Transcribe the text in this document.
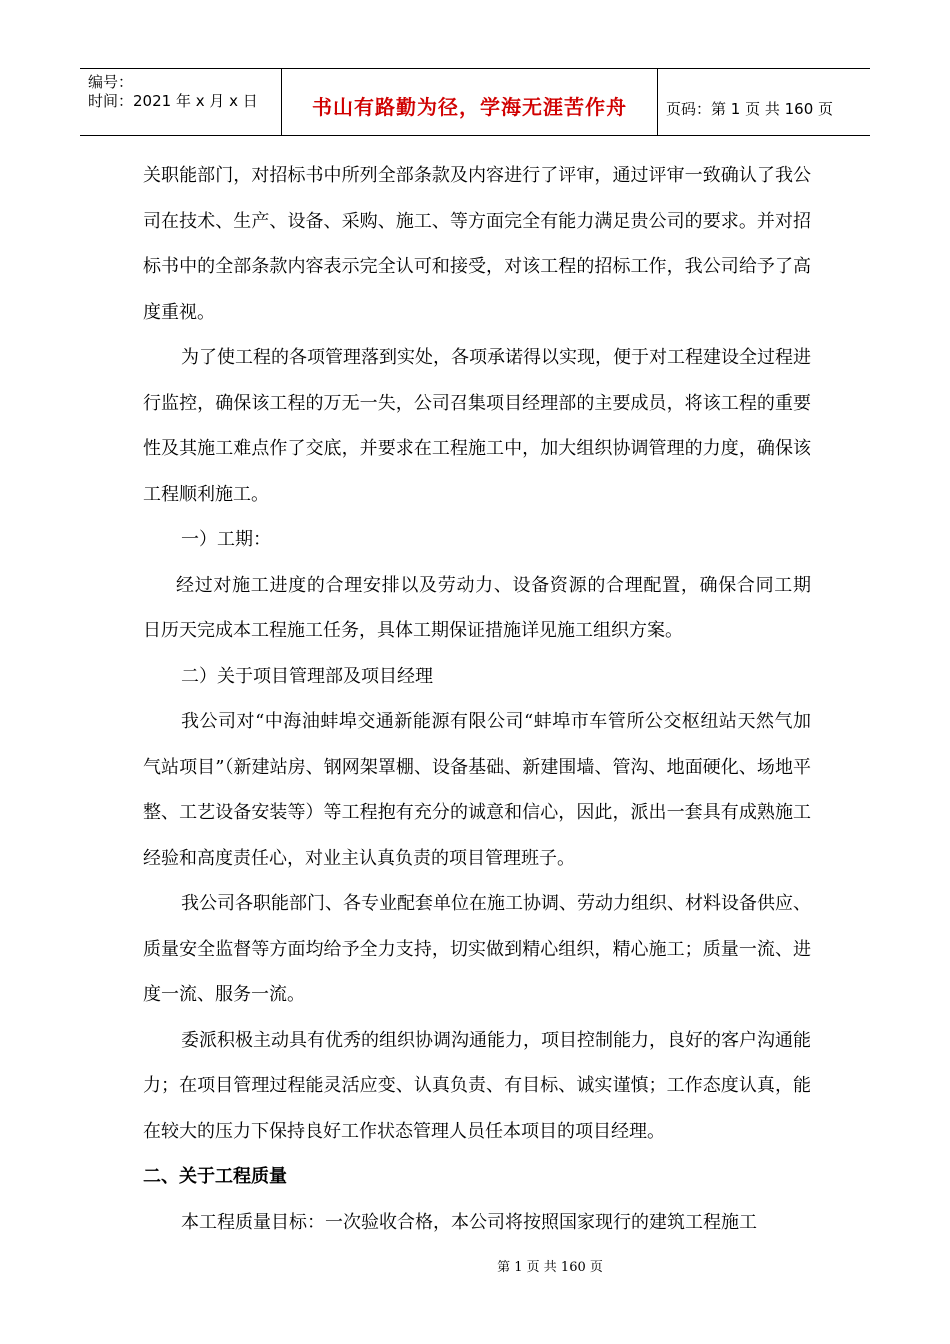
编号：
时间：2021 年 x 月 x 日	书山有路勤为径，学海无涯苦作舟	页码：第 1 页 共 160 页

关职能部门，对招标书中所列全部条款及内容进行了评审，通过评审一致确认了我公司在技术、生产、设备、采购、施工、等方面完全有能力满足贵公司的要求。并对招标书中的全部条款内容表示完全认可和接受，对该工程的招标工作，我公司给予了高度重视。

为了使工程的各项管理落到实处，各项承诺得以实现，便于对工程建设全过程进行监控，确保该工程的万无一失，公司召集项目经理部的主要成员，将该工程的重要性及其施工难点作了交底，并要求在工程施工中，加大组织协调管理的力度，确保该工程顺利施工。

一）工期：

经过对施工进度的合理安排以及劳动力、设备资源的合理配置，确保合同工期　日历天完成本工程施工任务，具体工期保证措施详见施工组织方案。

二）关于项目管理部及项目经理

我公司对“中海油蚌埠交通新能源有限公司“蚌埠市车管所公交枢纽站天然气加气站项目”（新建站房、钢网架罩棚、设备基础、新建围墙、管沟、地面硬化、场地平整、工艺设备安装等）等工程抱有充分的诚意和信心，因此，派出一套具有成熟施工经验和高度责任心，对业主认真负责的项目管理班子。

我公司各职能部门、各专业配套单位在施工协调、劳动力组织、材料设备供应、质量安全监督等方面均给予全力支持，切实做到精心组织，精心施工；质量一流、进度一流、服务一流。

委派积极主动具有优秀的组织协调沟通能力，项目控制能力，良好的客户沟通能力；在项目管理过程能灵活应变、认真负责、有目标、诚实谨慎；工作态度认真，能在较大的压力下保持良好工作状态管理人员任本项目的项目经理。

二、关于工程质量

本工程质量目标：一次验收合格，本公司将按照国家现行的建筑工程施工

第 1 页 共 160 页
